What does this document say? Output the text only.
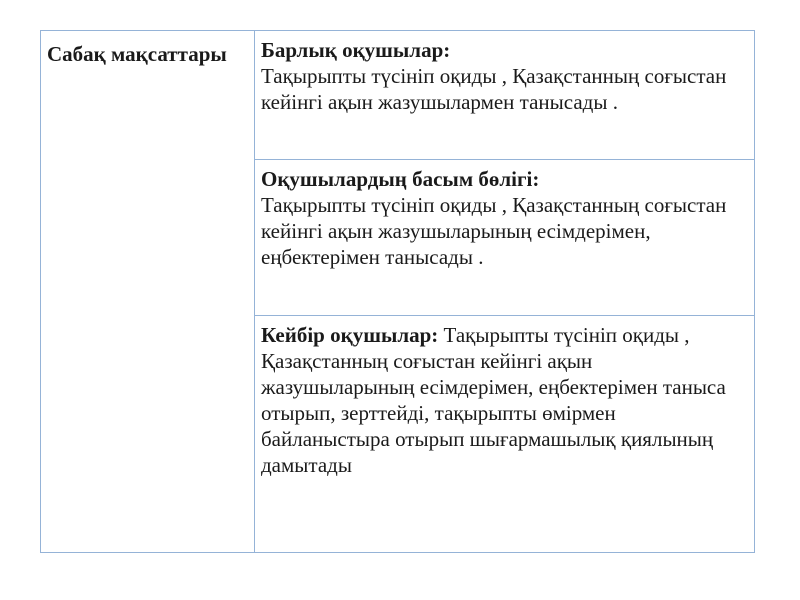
Сабақ мақсаттары	Барлық оқушылар:
Тақырыпты түсініп оқиды , Қазақстанның соғыстан кейінгі ақын жазушылармен танысады .
Оқушылардың басым бөлігі:
Тақырыпты түсініп оқиды , Қазақстанның соғыстан кейінгі ақын жазушыларының есімдерімен, еңбектерімен танысады .
Кейбір оқушылар: Тақырыпты түсініп оқиды , Қазақстанның соғыстан кейінгі ақын жазушыларының есімдерімен, еңбектерімен таныса отырып, зерттейді, тақырыпты өмірмен байланыстыра отырып шығармашылық қиялының дамытады
